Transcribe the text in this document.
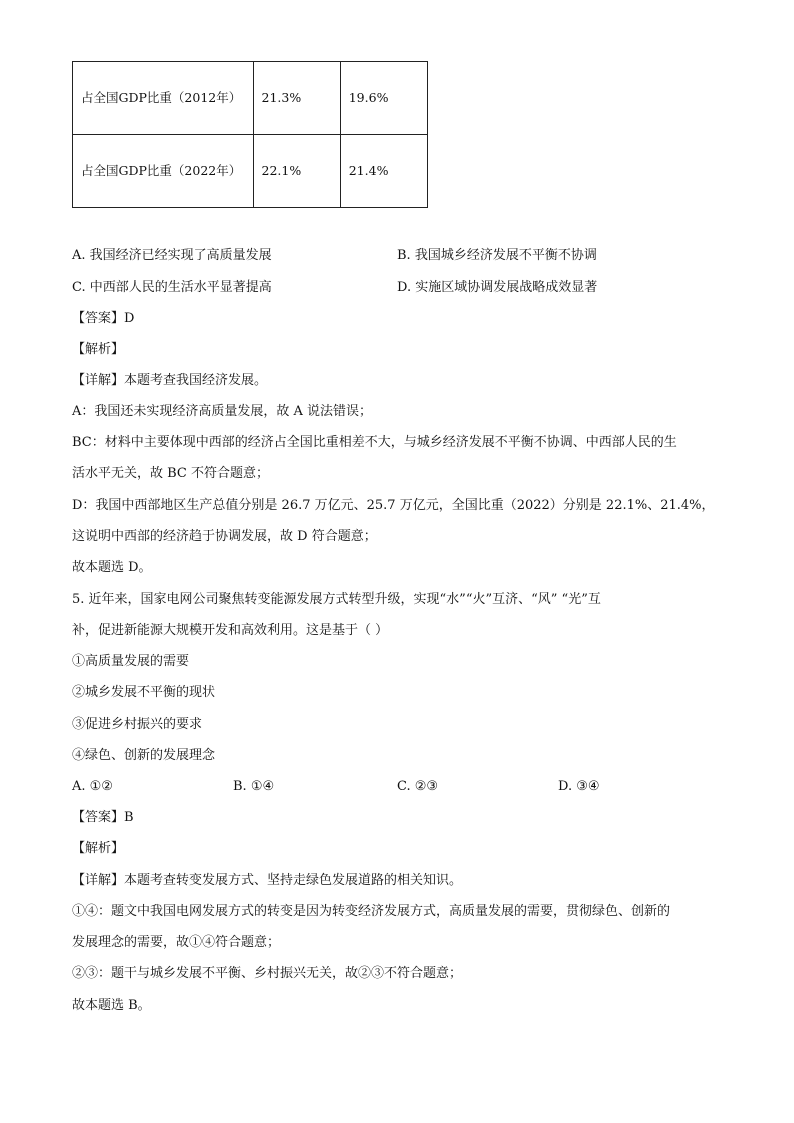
占全国GDP比重（2012年）	21.3%	19.6%
占全国GDP比重（2022年）	22.1%	21.4%
A. 我国经济已经实现了高质量发展	B. 我国城乡经济发展不平衡不协调
C. 中西部人民的生活水平显著提高	D. 实施区域协调发展战略成效显著
【答案】D
【解析】
【详解】本题考查我国经济发展。
A：我国还未实现经济高质量发展，故 A 说法错误；
BC：材料中主要体现中西部的经济占全国比重相差不大，与城乡经济发展不平衡不协调、中西部人民的生
活水平无关，故 BC 不符合题意；
D：我国中西部地区生产总值分别是 26.7 万亿元、25.7 万亿元，全国比重（2022）分别是 22.1%、21.4%，
这说明中西部的经济趋于协调发展，故 D 符合题意；
故本题选 D。
5. 近年来，国家电网公司聚焦转变能源发展方式转型升级，实现“水”“火”互济、“风” “光”互
补，促进新能源大规模开发和高效利用。这是基于（ ）
①高质量发展的需要
②城乡发展不平衡的现状
③促进乡村振兴的要求
④绿色、创新的发展理念
A. ①②	B. ①④	C. ②③	D. ③④
【答案】B
【解析】
【详解】本题考查转变发展方式、坚持走绿色发展道路的相关知识。
①④：题文中我国电网发展方式的转变是因为转变经济发展方式，高质量发展的需要，贯彻绿色、创新的
发展理念的需要，故①④符合题意；
②③：题干与城乡发展不平衡、乡村振兴无关，故②③不符合题意；
故本题选 B。
